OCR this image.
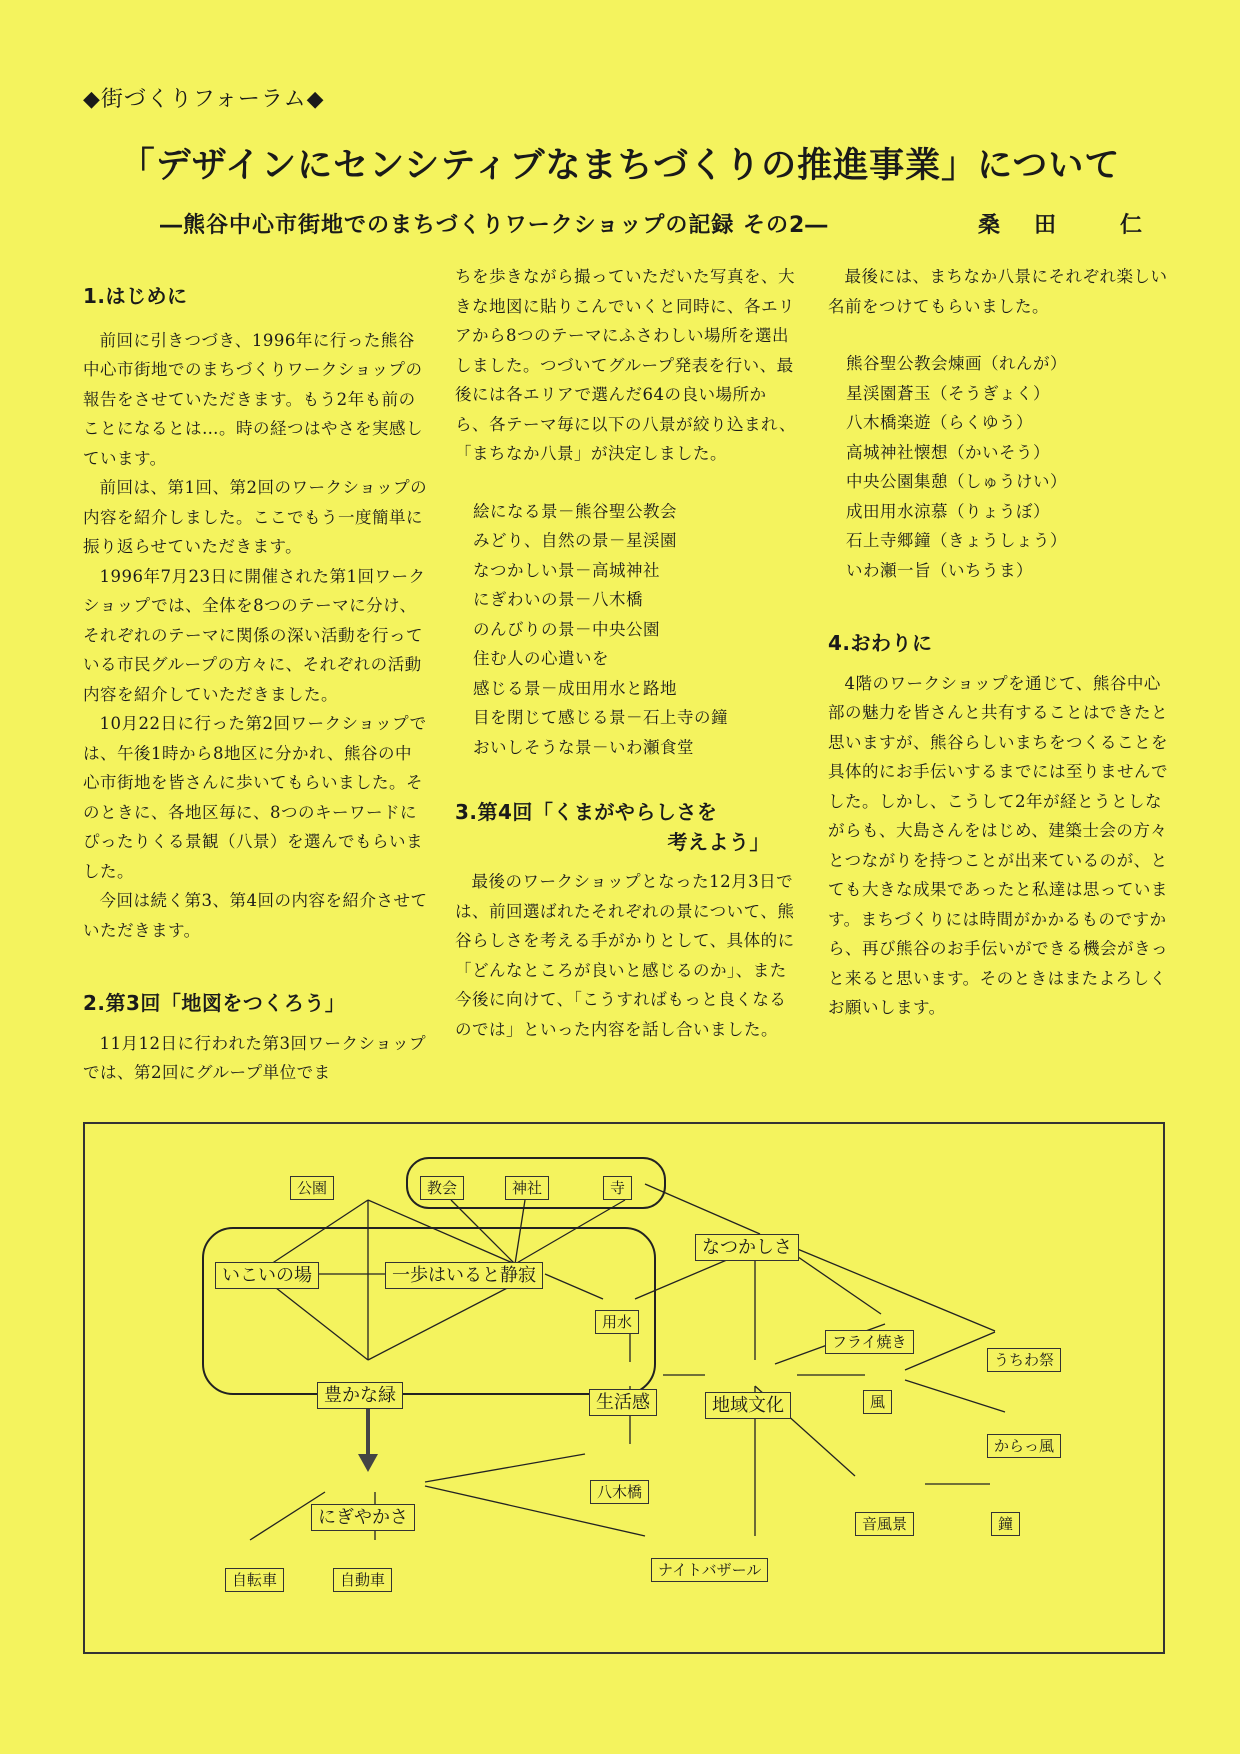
◆街づくりフォーラム◆
「デザインにセンシティブなまちづくりの推進事業」について
―熊谷中心市街地でのまちづくりワークショップの記録 その2―	桑 田	仁

1.はじめに

前回に引きつづき、1996年に行った熊谷中心市街地でのまちづくりワークショップの報告をさせていただきます。もう2年も前のことになるとは…。時の経つはやさを実感しています。

前回は、第1回、第2回のワークショップの内容を紹介しました。ここでもう一度簡単に振り返らせていただきます。

1996年7月23日に開催された第1回ワークショップでは、全体を8つのテーマに分け、それぞれのテーマに関係の深い活動を行っている市民グループの方々に、それぞれの活動内容を紹介していただきました。

10月22日に行った第2回ワークショップでは、午後1時から8地区に分かれ、熊谷の中心市街地を皆さんに歩いてもらいました。そのときに、各地区毎に、8つのキーワードにぴったりくる景観（八景）を選んでもらいました。

今回は続く第3、第4回の内容を紹介させていただきます。

2.第3回「地図をつくろう」

11月12日に行われた第3回ワークショップでは、第2回にグループ単位でま

ちを歩きながら撮っていただいた写真を、大きな地図に貼りこんでいくと同時に、各エリアから8つのテーマにふさわしい場所を選出しました。つづいてグループ発表を行い、最後には各エリアで選んだ64の良い場所から、各テーマ毎に以下の八景が絞り込まれ、「まちなか八景」が決定しました。

絵になる景－熊谷聖公教会
みどり、自然の景－星渓園
なつかしい景－高城神社
にぎわいの景－八木橋
のんびりの景－中央公園
住む人の心遣いを
感じる景－成田用水と路地
目を閉じて感じる景－石上寺の鐘
おいしそうな景－いわ瀬食堂

3.第4回「くまがやらしさを

考えよう」

最後のワークショップとなった12月3日では、前回選ばれたそれぞれの景について、熊谷らしさを考える手がかりとして、具体的に「どんなところが良いと感じるのか」、また今後に向けて、「こうすればもっと良くなるのでは」といった内容を話し合いました。

最後には、まちなか八景にそれぞれ楽しい名前をつけてもらいました。

熊谷聖公教会煉画（れんが）
星渓園蒼玉（そうぎょく）
八木橋楽遊（らくゆう）
高城神社懐想（かいそう）
中央公園集憩（しゅうけい）
成田用水涼慕（りょうぼ）
石上寺郷鐘（きょうしょう）
いわ瀬一旨（いちうま）

4.おわりに

4階のワークショップを通じて、熊谷中心部の魅力を皆さんと共有することはできたと思いますが、熊谷らしいまちをつくることを具体的にお手伝いするまでには至りませんでした。しかし、こうして2年が経とうとしながらも、大島さんをはじめ、建築士会の方々とつながりを持つことが出来ているのが、とても大きな成果であったと私達は思っています。まちづくりには時間がかかるものですから、再び熊谷のお手伝いができる機会がきっと来ると思います。そのときはまたよろしくお願いします。

公園	教会	神社	寺
いこいの場	一歩はいると静寂
豊かな緑
なつかしさ
用水
生活感	地域文化
フライ焼き
うちわ祭
風
からっ風
八木橋
にぎやかさ	音風景	鐘
自転車	自動車
ナイトバザール
